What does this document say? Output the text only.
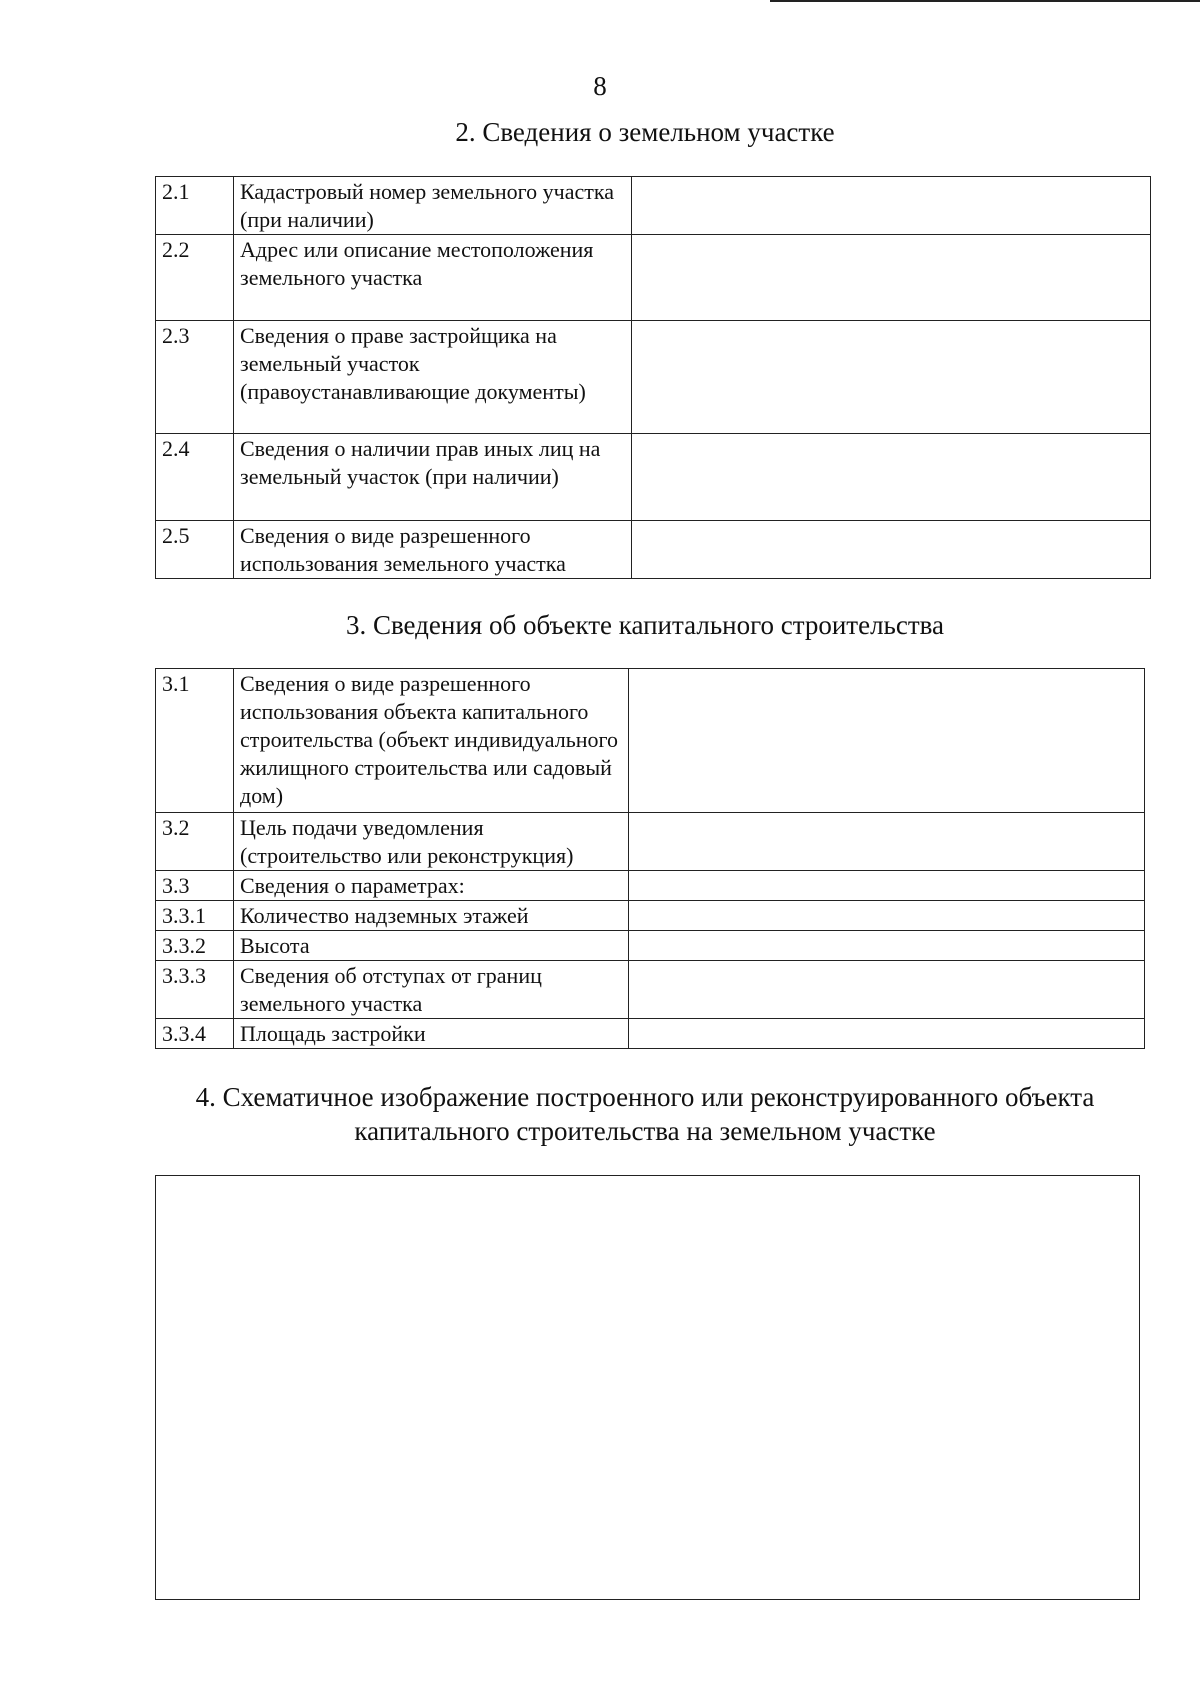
8
2. Сведения о земельном участке
2.1	Кадастровый номер земельного участка (при наличии)	
2.2	Адрес или описание местоположения земельного участка	
2.3	Сведения о праве застройщика на земельный участок (правоустанавливающие документы)	
2.4	Сведения о наличии прав иных лиц на земельный участок (при наличии)	
2.5	Сведения о виде разрешенного использования земельного участка	
3. Сведения об объекте капитального строительства
3.1	Сведения о виде разрешенного использования объекта капитального строительства (объект индивидуального жилищного строительства или садовый дом)	
3.2	Цель подачи уведомления (строительство или реконструкция)	
3.3	Сведения о параметрах:	
3.3.1	Количество надземных этажей	
3.3.2	Высота	
3.3.3	Сведения об отступах от границ земельного участка	
3.3.4	Площадь застройки	
4. Схематичное изображение построенного или реконструированного объекта
капитального строительства на земельном участке
